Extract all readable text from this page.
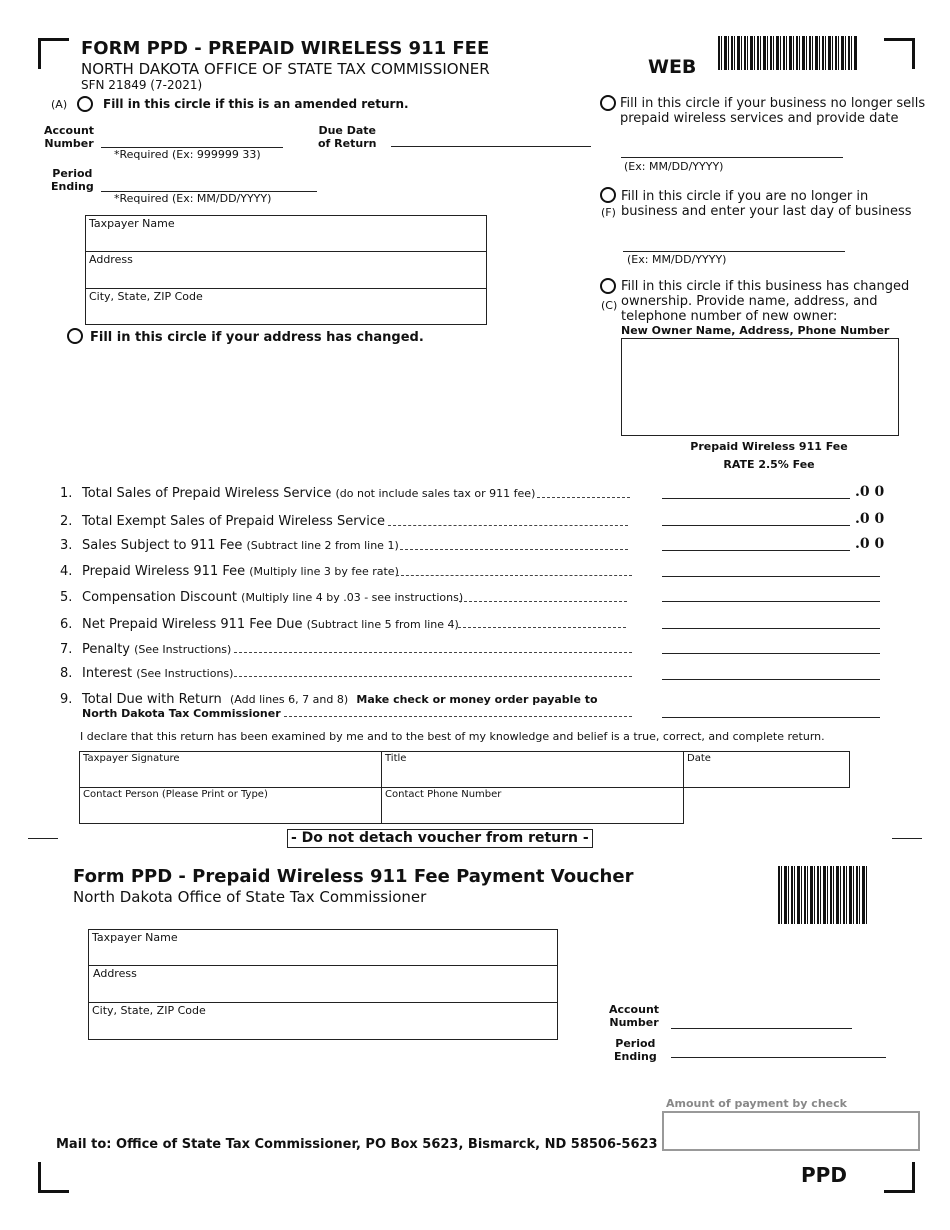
FORM PPD - PREPAID WIRELESS 911 FEE
NORTH DAKOTA OFFICE OF STATE TAX COMMISSIONER
SFN 21849 (7-2021)
WEB
(A)	Fill in this circle if this is an amended return.
Account
Number
*Required (Ex: 999999 33)
Due Date
of Return
Period
Ending
*Required (Ex: MM/DD/YYYY)
Taxpayer Name
Address
City, State, ZIP Code
Fill in this circle if your address has changed.
Fill in this circle if your business no longer sells
prepaid wireless services and provide date
(Ex: MM/DD/YYYY)
(F)
Fill in this circle if you are no longer in
business and enter your last day of business
(Ex: MM/DD/YYYY)
(C)
Fill in this circle if this business has changed
ownership. Provide name, address, and
telephone number of new owner:
New Owner Name, Address, Phone Number
Prepaid Wireless 911 Fee
RATE 2.5% Fee
1. Total Sales of Prepaid Wireless Service (do not include sales tax or 911 fee)	.0 0
2. Total Exempt Sales of Prepaid Wireless Service	.0 0
3. Sales Subject to 911 Fee (Subtract line 2 from line 1)	.0 0
4. Prepaid Wireless 911 Fee (Multiply line 3 by fee rate)
5. Compensation Discount (Multiply line 4 by .03 - see instructions)
6. Net Prepaid Wireless 911 Fee Due (Subtract line 5 from line 4)
7. Penalty (See Instructions)
8. Interest (See Instructions)
9. Total Due with Return (Add lines 6, 7 and 8) Make check or money order payable to
North Dakota Tax Commissioner
I declare that this return has been examined by me and to the best of my knowledge and belief is a true, correct, and complete return.
Taxpayer Signature	Title	Date
Contact Person (Please Print or Type)	Contact Phone Number
- Do not detach voucher from return -
Form PPD - Prepaid Wireless 911 Fee Payment Voucher
North Dakota Office of State Tax Commissioner
Taxpayer Name
Address
City, State, ZIP Code	Account
Number
Period
Ending
Amount of payment by check
Mail to: Office of State Tax Commissioner, PO Box 5623, Bismarck, ND 58506-5623
PPD
